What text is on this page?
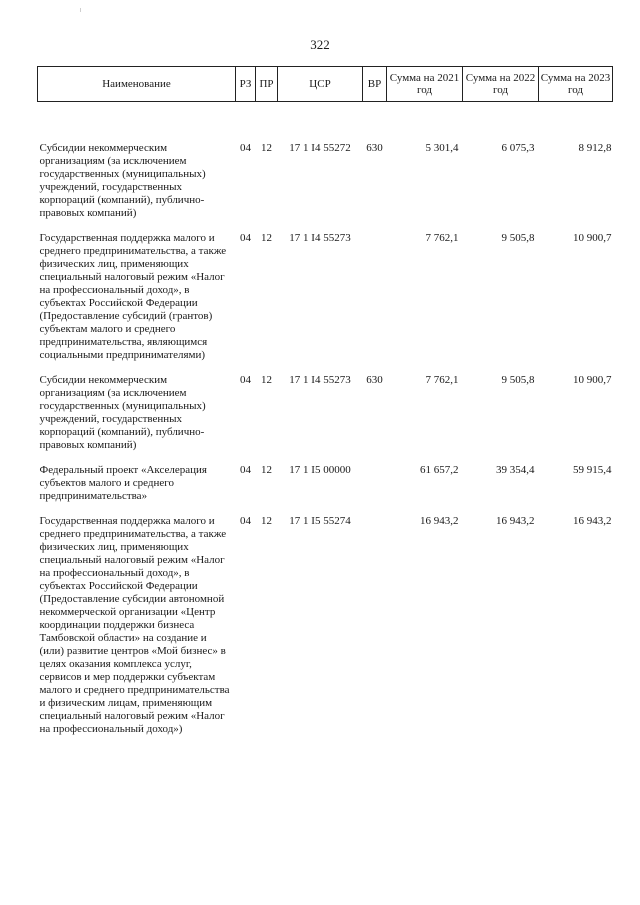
322
Наименование	РЗ	ПР	ЦСР	ВР	Сумма на 2021 год	Сумма на 2022 год	Сумма на 2023 год
Субсидии некоммерческим организациям (за исключением государственных (муниципальных) учреждений, государственных корпораций (компаний), публично-правовых компаний)	04	12	17 1 I4 55272	630	5 301,4	6 075,3	8 912,8
Государственная поддержка малого и среднего предпринимательства, а также физических лиц, применяющих специальный налоговый режим «Налог на профессиональный доход», в субъектах Российской Федерации (Предоставление субсидий (грантов) субъектам малого и среднего предпринимательства, являющимся социальными предпринимателями)	04	12	17 1 I4 55273		7 762,1	9 505,8	10 900,7
Субсидии некоммерческим организациям (за исключением государственных (муниципальных) учреждений, государственных корпораций (компаний), публично-правовых компаний)	04	12	17 1 I4 55273	630	7 762,1	9 505,8	10 900,7
Федеральный проект «Акселерация субъектов малого и среднего предпринимательства»	04	12	17 1 I5 00000		61 657,2	39 354,4	59 915,4
Государственная поддержка малого и среднего предпринимательства, а также физических лиц, применяющих специальный налоговый режим «Налог на профессиональный доход», в субъектах Российской Федерации (Предоставление субсидии автономной некоммерческой организации «Центр координации поддержки бизнеса Тамбовской области» на создание и (или) развитие центров «Мой бизнес» в целях оказания комплекса услуг, сервисов и мер поддержки субъектам малого и среднего предпринимательства и физическим лицам, применяющим специальный налоговый режим «Налог на профессиональный доход»)	04	12	17 1 I5 55274		16 943,2	16 943,2	16 943,2
